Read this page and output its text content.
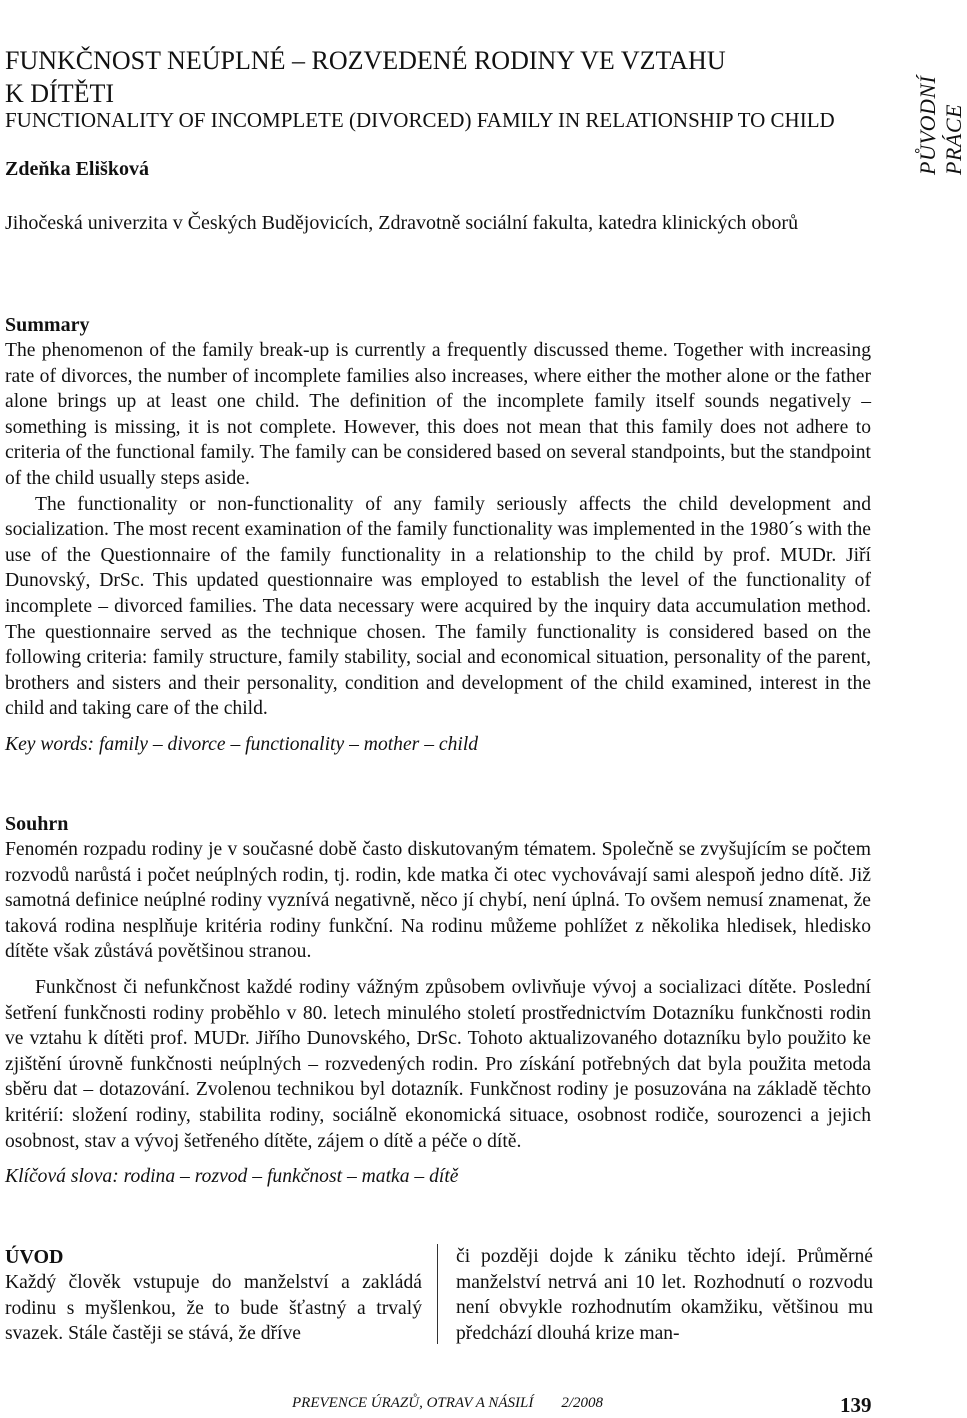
PŮVODNÍ PRÁCE
FUNKČNOST NEÚPLNÉ – ROZVEDENÉ RODINY VE VZTAHU
K DÍTĚTI
FUNCTIONALITY OF INCOMPLETE (DIVORCED) FAMILY IN RELATIONSHIP TO CHILD
Zdeňka Elišková
Jihočeská univerzita v Českých Budějovicích, Zdravotně sociální fakulta, katedra klinických oborů
Summary

The phenomenon of the family break-up is currently a frequently discussed theme. Together with increasing rate of divorces, the number of incomplete families also increases, where either the mother alone or the father alone brings up at least one child. The definition of the incomplete family itself sounds negatively – something is missing, it is not complete. However, this does not mean that this family does not adhere to criteria of the functional family. The family can be considered based on several standpoints, but the standpoint of the child usually steps aside.

The functionality or non-functionality of any family seriously affects the child development and socialization. The most recent examination of the family functionality was implemented in the 1980´s with the use of the Questionnaire of the family functionality in a relationship to the child by prof. MUDr. Jiří Dunovský, DrSc. This updated questionnaire was employed to establish the level of the functionality of incomplete – divorced families. The data necessary were acquired by the inquiry data accumulation method. The questionnaire served as the technique chosen. The family functionality is considered based on the following criteria: family structure, family stability, social and economical situation, personality of the parent, brothers and sisters and their personality, condition and development of the child examined, interest in the child and taking care of the child.

Key words: family – divorce – functionality – mother – child

Souhrn

Fenomén rozpadu rodiny je v současné době často diskutovaným tématem. Společně se zvyšujícím se počtem rozvodů narůstá i počet neúplných rodin, tj. rodin, kde matka či otec vychovávají sami alespoň jedno dítě. Již samotná definice neúplné rodiny vyznívá negativně, něco jí chybí, není úplná. To ovšem nemusí znamenat, že taková rodina nesplňuje kritéria rodiny funkční. Na rodinu můžeme pohlížet z několika hledisek, hledisko dítěte však zůstává povětšinou stranou.

Funkčnost či nefunkčnost každé rodiny vážným způsobem ovlivňuje vývoj a socializaci dítěte. Poslední šetření funkčnosti rodiny proběhlo v 80. letech minulého století prostřednictvím Dotazníku funkčnosti rodin ve vztahu k dítěti prof. MUDr. Jiřího Dunovského, DrSc. Tohoto aktualizovaného dotazníku bylo použito ke zjištění úrovně funkčnosti neúplných – rozvedených rodin. Pro získání potřebných dat byla použita metoda sběru dat – dotazování. Zvolenou technikou byl dotazník. Funkčnost rodiny je posuzována na základě těchto kritérií: složení rodiny, stabilita rodiny, sociálně ekonomická situace, osobnost rodiče, sourozenci a jejich osobnost, stav a vývoj šetřeného dítěte, zájem o dítě a péče o dítě.

Klíčová slova: rodina – rozvod – funkčnost – matka – dítě

ÚVOD

Každý člověk vstupuje do manželství a zakládá rodinu s myšlenkou, že to bude šťastný a trvalý svazek. Stále častěji se stává, že dříve

či později dojde k zániku těchto idejí. Průměrné manželství netrvá ani 10 let. Rozhodnutí o rozvodu není obvykle rozhodnutím okamžiku, většinou mu předchází dlouhá krize man-

PREVENCE ÚRAZŮ, OTRAV A NÁSILÍ 2/2008	139
